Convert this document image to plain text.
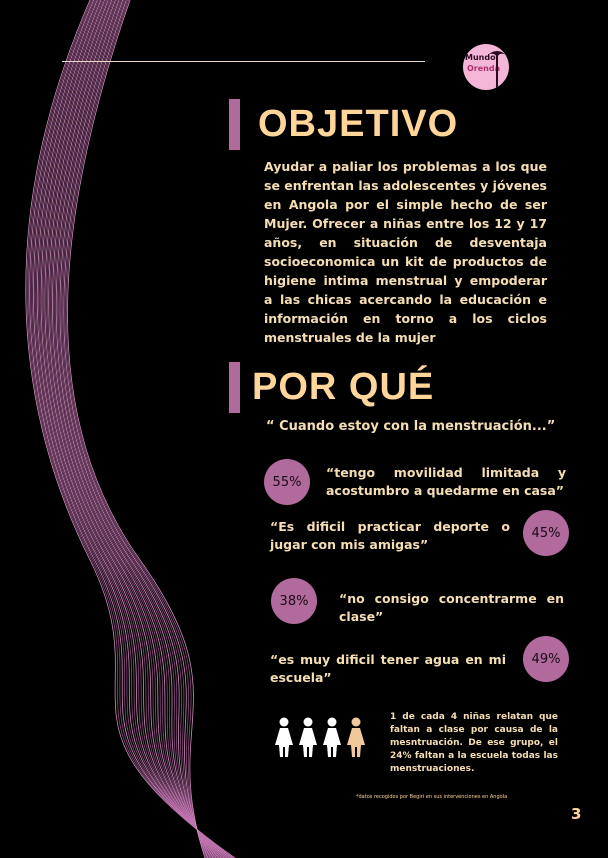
Mundo
Orenda
OBJETIVO
Ayudar a paliar los problemas a los que se enfrentan las adolescentes y jóvenes en Angola por el simple hecho de ser Mujer. Ofrecer a niñas entre los 12 y 17 años, en situación de desventaja socioeconomica un kit de productos de higiene intima menstrual y empoderar a las chicas acercando la educación e información en torno a los ciclos menstruales de la mujer
POR QUÉ
“ Cuando estoy con la menstruación...”
55%
“tengo movilidad limitada y acostumbro a quedarme en casa”
“Es dificil practicar deporte o jugar con mis amigas”
45%
38%	“no consigo concentrarme en clase”
“es muy dificil tener agua en mi escuela”
49%
1 de cada 4 niñas relatan que faltan a clase por causa de la mesntruación. De ese grupo, el 24% faltan a la escuela todas las menstruaciones.
*datos recogidos por Begiri en sus intervenciones en Angola
3
